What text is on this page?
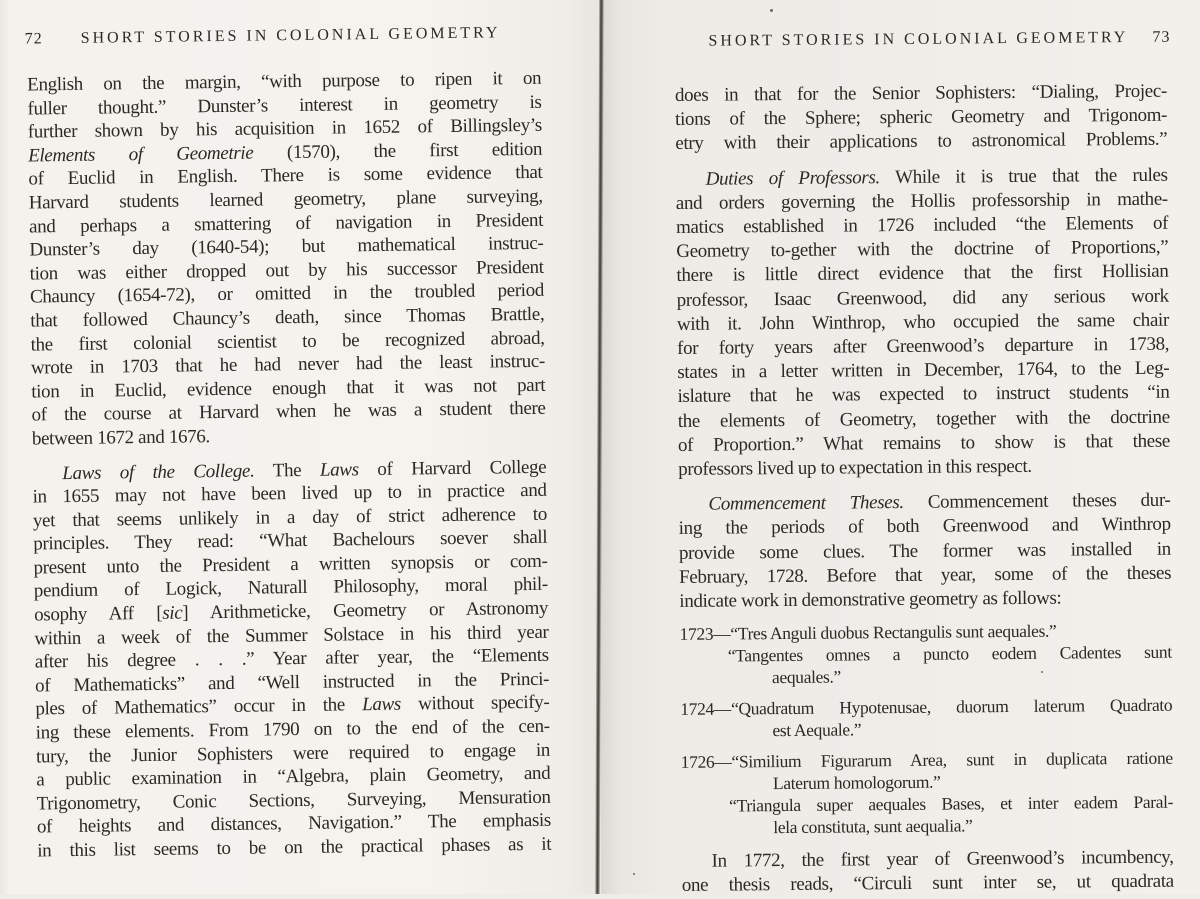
72 SHORT STORIES IN COLONIAL GEOMETRY
English on the margin, “with purpose to ripen it on
fuller thought.” Dunster’s interest in geometry is
further shown by his acquisition in 1652 of Billingsley’s
Elements of Geometrie (1570), the first edition
of Euclid in English. There is some evidence that
Harvard students learned geometry, plane surveying,
and perhaps a smattering of navigation in President
Dunster’s day (1640-54); but mathematical instruc-
tion was either dropped out by his successor President
Chauncy (1654-72), or omitted in the troubled period
that followed Chauncy’s death, since Thomas Brattle,
the first colonial scientist to be recognized abroad,
wrote in 1703 that he had never had the least instruc-
tion in Euclid, evidence enough that it was not part
of the course at Harvard when he was a student there
between 1672 and 1676.
Laws of the College. The Laws of Harvard College
in 1655 may not have been lived up to in practice and
yet that seems unlikely in a day of strict adherence to
principles. They read: “What Bachelours soever shall
present unto the President a written synopsis or com-
pendium of Logick, Naturall Philosophy, moral phil-
osophy Aff [sic] Arithmeticke, Geometry or Astronomy
within a week of the Summer Solstace in his third year
after his degree . . .” Year after year, the “Elements
of Mathematicks” and “Well instructed in the Princi-
ples of Mathematics” occur in the Laws without specify-
ing these elements. From 1790 on to the end of the cen-
tury, the Junior Sophisters were required to engage in
a public examination in “Algebra, plain Geometry, and
Trigonometry, Conic Sections, Surveying, Mensuration
of heights and distances, Navigation.” The emphasis
in this list seems to be on the practical phases as it
SHORT STORIES IN COLONIAL GEOMETRY 73
does in that for the Senior Sophisters: “Dialing, Projec-
tions of the Sphere; spheric Geometry and Trigonom-
etry with their applications to astronomical Problems.”
Duties of Professors. While it is true that the rules
and orders governing the Hollis professorship in mathe-
matics established in 1726 included “the Elements of
Geometry to-gether with the doctrine of Proportions,”
there is little direct evidence that the first Hollisian
professor, Isaac Greenwood, did any serious work
with it. John Winthrop, who occupied the same chair
for forty years after Greenwood’s departure in 1738,
states in a letter written in December, 1764, to the Leg-
islature that he was expected to instruct students “in
the elements of Geometry, together with the doctrine
of Proportion.” What remains to show is that these
professors lived up to expectation in this respect.
Commencement Theses. Commencement theses dur-
ing the periods of both Greenwood and Winthrop
provide some clues. The former was installed in
February, 1728. Before that year, some of the theses
indicate work in demonstrative geometry as follows:
1723—“Tres Anguli duobus Rectangulis sunt aequales.”
“Tangentes omnes a puncto eodem Cadentes sunt
aequales.”
1724—“Quadratum Hypotenusae, duorum laterum Quadrato
est Aequale.”
1726—“Similium Figurarum Area, sunt in duplicata ratione
Laterum homologorum.”
“Triangula super aequales Bases, et inter eadem Paral-
lela constituta, sunt aequalia.”
In 1772, the first year of Greenwood’s incumbency,
one thesis reads, “Circuli sunt inter se, ut quadrata
